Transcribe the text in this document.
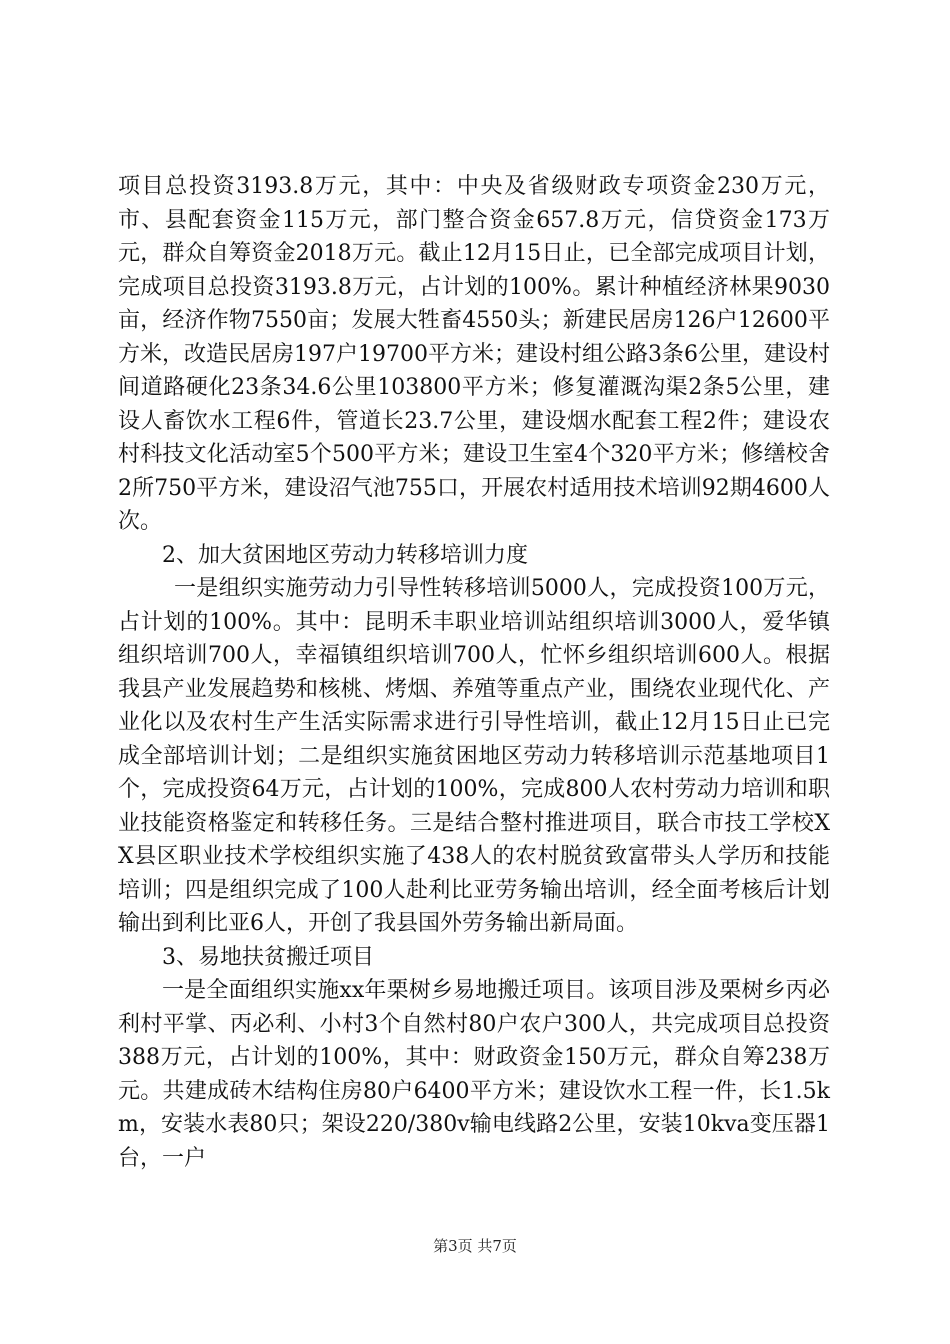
项目总投资3193.8万元，其中：中央及省级财政专项资金230万元，市、县配套资金115万元，部门整合资金657.8万元，信贷资金173万元，群众自筹资金2018万元。截止12月15日止，已全部完成项目计划，完成项目总投资3193.8万元，占计划的100%。累计种植经济林果9030亩，经济作物7550亩；发展大牲畜4550头；新建民居房126户12600平方米，改造民居房197户19700平方米；建设村组公路3条6公里，建设村间道路硬化23条34.6公里103800平方米；修复灌溉沟渠2条5公里，建设人畜饮水工程6件，管道长23.7公里，建设烟水配套工程2件；建设农村科技文化活动室5个500平方米；建设卫生室4个320平方米；修缮校舍2所750平方米，建设沼气池755口，开展农村适用技术培训92期4600人次。

2、加大贫困地区劳动力转移培训力度

一是组织实施劳动力引导性转移培训5000人，完成投资100万元，占计划的100%。其中：昆明禾丰职业培训站组织培训3000人，爱华镇组织培训700人，幸福镇组织培训700人，忙怀乡组织培训600人。根据我县产业发展趋势和核桃、烤烟、养殖等重点产业，围绕农业现代化、产业化以及农村生产生活实际需求进行引导性培训，截止12月15日止已完成全部培训计划；二是组织实施贫困地区劳动力转移培训示范基地项目1个，完成投资64万元，占计划的100%，完成800人农村劳动力培训和职业技能资格鉴定和转移任务。三是结合整村推进项目，联合市技工学校XX县区职业技术学校组织实施了438人的农村脱贫致富带头人学历和技能培训；四是组织完成了100人赴利比亚劳务输出培训，经全面考核后计划输出到利比亚6人，开创了我县国外劳务输出新局面。

3、易地扶贫搬迁项目

一是全面组织实施xx年栗树乡易地搬迁项目。该项目涉及栗树乡丙必利村平掌、丙必利、小村3个自然村80户农户300人，共完成项目总投资388万元，占计划的100%，其中：财政资金150万元，群众自筹238万元。共建成砖木结构住房80户6400平方米；建设饮水工程一件，长1.5km，安装水表80只；架设220/380v输电线路2公里，安装10kva变压器1台，一户

第3页 共7页
